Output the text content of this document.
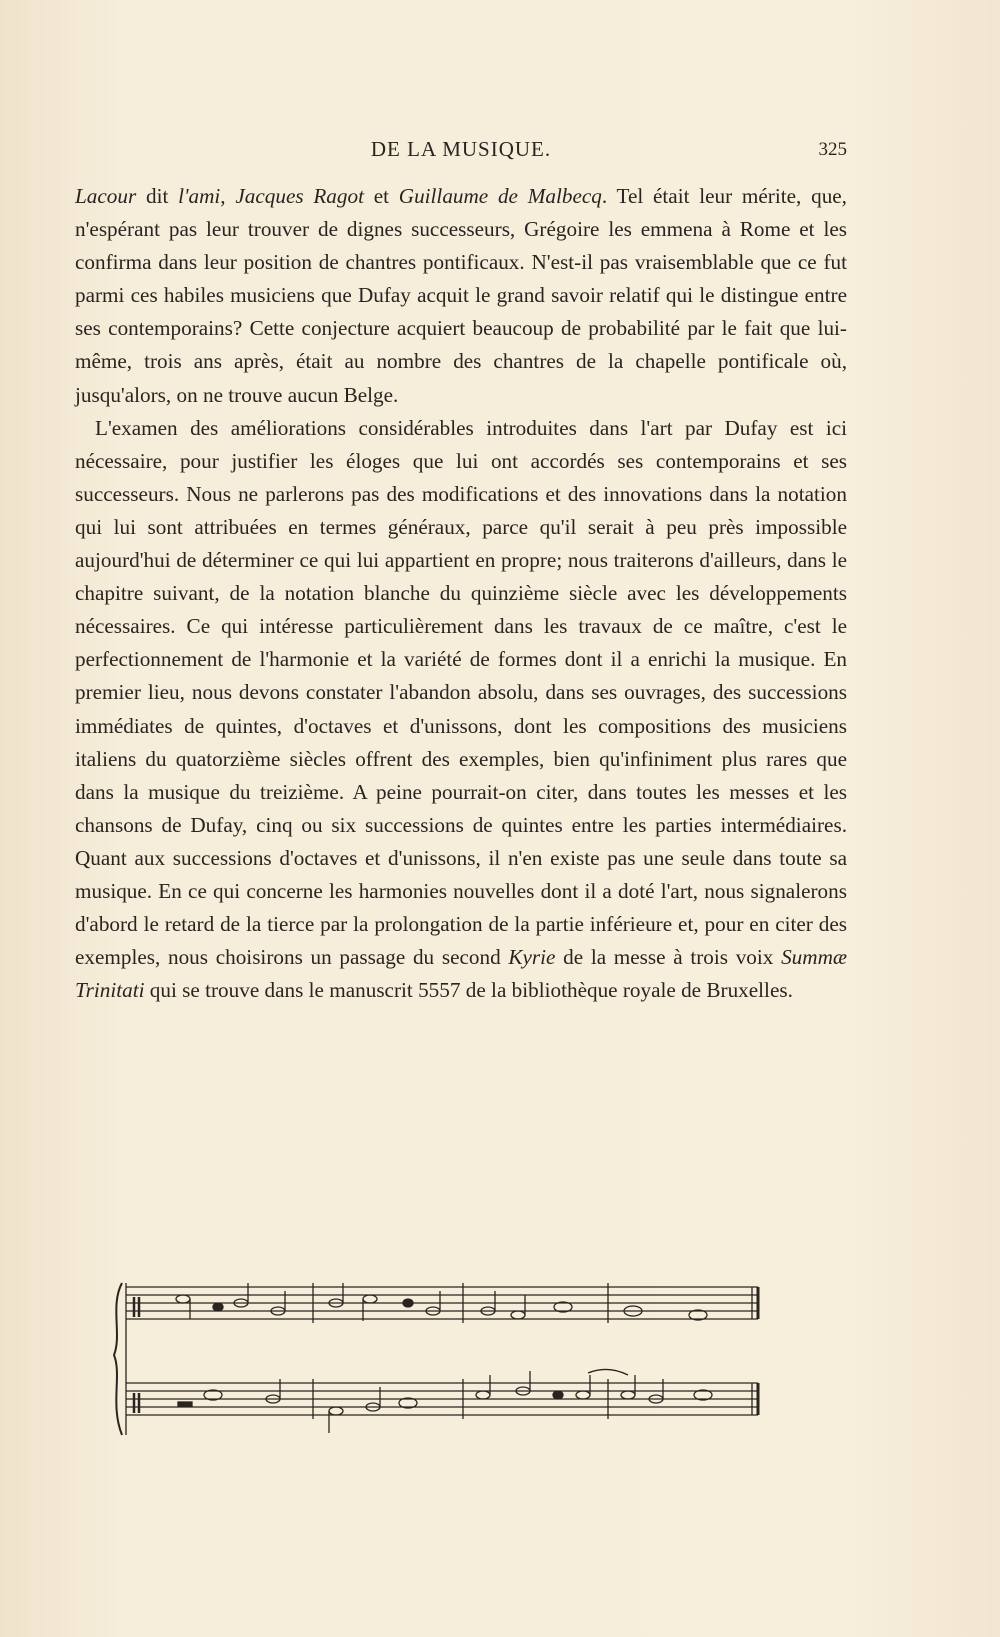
DE LA MUSIQUE.	325

Lacour dit l'ami, Jacques Ragot et Guillaume de Malbecq. Tel était leur mérite, que, n'espérant pas leur trouver de dignes successeurs, Grégoire les emmena à Rome et les confirma dans leur position de chantres pontificaux. N'est-il pas vraisemblable que ce fut parmi ces habiles musiciens que Dufay acquit le grand savoir relatif qui le distingue entre ses contemporains? Cette conjecture acquiert beaucoup de probabilité par le fait que lui-même, trois ans après, était au nombre des chantres de la chapelle pontificale où, jusqu'alors, on ne trouve aucun Belge.

L'examen des améliorations considérables introduites dans l'art par Dufay est ici nécessaire, pour justifier les éloges que lui ont accordés ses contemporains et ses successeurs. Nous ne parlerons pas des modifications et des innovations dans la notation qui lui sont attribuées en termes généraux, parce qu'il serait à peu près impossible aujourd'hui de déterminer ce qui lui appartient en propre; nous traiterons d'ailleurs, dans le chapitre suivant, de la notation blanche du quinzième siècle avec les développements nécessaires. Ce qui intéresse particulièrement dans les travaux de ce maître, c'est le perfectionnement de l'harmonie et la variété de formes dont il a enrichi la musique. En premier lieu, nous devons constater l'abandon absolu, dans ses ouvrages, des successions immédiates de quintes, d'octaves et d'unissons, dont les compositions des musiciens italiens du quatorzième siècles offrent des exemples, bien qu'infiniment plus rares que dans la musique du treizième. A peine pourrait-on citer, dans toutes les messes et les chansons de Dufay, cinq ou six successions de quintes entre les parties intermédiaires. Quant aux successions d'octaves et d'unissons, il n'en existe pas une seule dans toute sa musique. En ce qui concerne les harmonies nouvelles dont il a doté l'art, nous signalerons d'abord le retard de la tierce par la prolongation de la partie inférieure et, pour en citer des exemples, nous choisirons un passage du second Kyrie de la messe à trois voix Summæ Trinitati qui se trouve dans le manuscrit 5557 de la bibliothèque royale de Bruxelles.
